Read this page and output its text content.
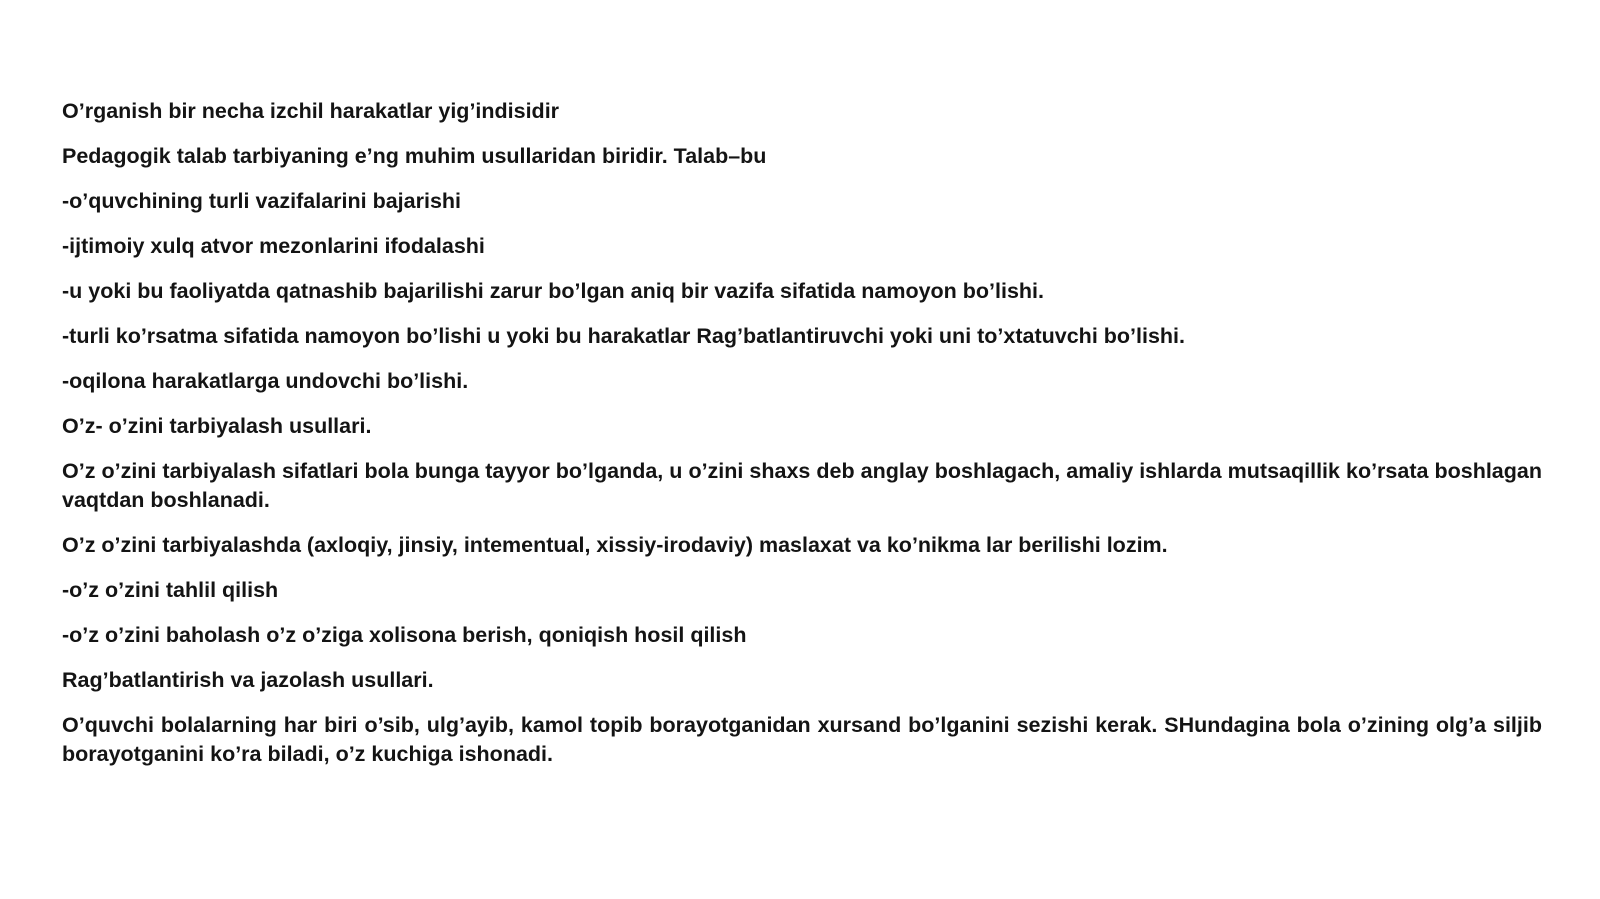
O’rganish bir necha izchil harakatlar yig’indisidir

Pedagogik talab tarbiyaning e’ng muhim usullaridan biridir. Talab–bu

-o’quvchining turli vazifalarini bajarishi

-ijtimoiy xulq atvor mezonlarini ifodalashi

-u yoki bu faoliyatda qatnashib bajarilishi zarur bo’lgan aniq bir vazifa sifatida namoyon bo’lishi.

-turli ko’rsatma sifatida namoyon bo’lishi u yoki bu harakatlar Rag’batlantiruvchi yoki uni to’xtatuvchi bo’lishi.

-oqilona harakatlarga undovchi bo’lishi.

O’z- o’zini tarbiyalash usullari.

O’z o’zini tarbiyalash sifatlari bola bunga tayyor bo’lganda, u o’zini shaxs deb anglay boshlagach, amaliy ishlarda mutsaqillik ko’rsata boshlagan vaqtdan boshlanadi.

O’z o’zini tarbiyalashda (axloqiy, jinsiy, intementual, xissiy-irodaviy) maslaxat va ko’nikma lar berilishi lozim.

-o’z o’zini tahlil qilish

-o’z o’zini baholash o’z o’ziga xolisona berish, qoniqish hosil qilish

Rag’batlantirish va jazolash usullari.

O’quvchi bolalarning har biri o’sib, ulg’ayib, kamol topib borayotganidan xursand bo’lganini sezishi kerak. SHundagina bola o’zining olg’a siljib borayotganini ko’ra biladi, o’z kuchiga ishonadi.
